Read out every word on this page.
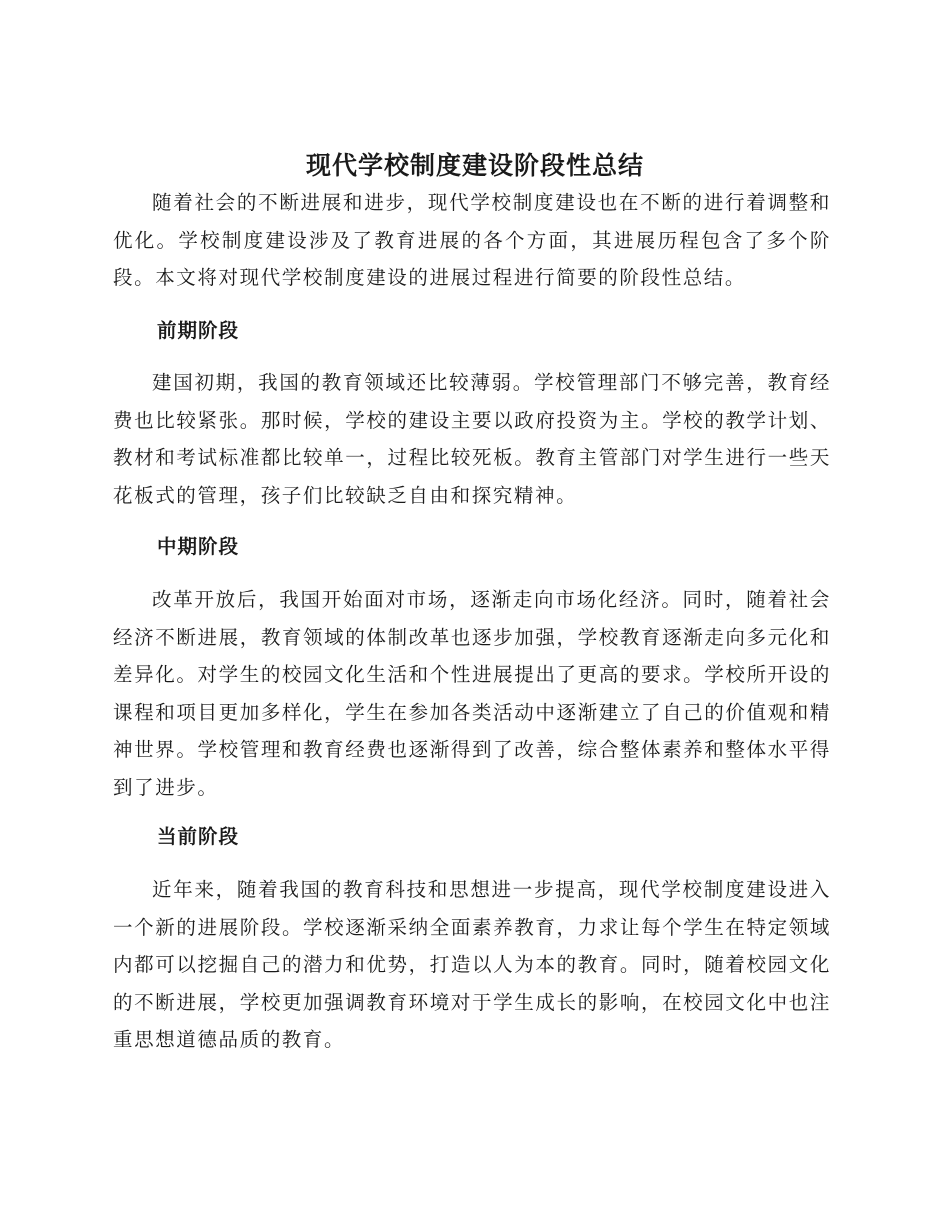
现代学校制度建设阶段性总结

随着社会的不断进展和进步，现代学校制度建设也在不断的进行着调整和优化。学校制度建设涉及了教育进展的各个方面，其进展历程包含了多个阶段。本文将对现代学校制度建设的进展过程进行简要的阶段性总结。

前期阶段

建国初期，我国的教育领域还比较薄弱。学校管理部门不够完善，教育经费也比较紧张。那时候，学校的建设主要以政府投资为主。学校的教学计划、教材和考试标准都比较单一，过程比较死板。教育主管部门对学生进行一些天花板式的管理，孩子们比较缺乏自由和探究精神。

中期阶段

改革开放后，我国开始面对市场，逐渐走向市场化经济。同时，随着社会经济不断进展，教育领域的体制改革也逐步加强，学校教育逐渐走向多元化和差异化。对学生的校园文化生活和个性进展提出了更高的要求。学校所开设的课程和项目更加多样化，学生在参加各类活动中逐渐建立了自己的价值观和精神世界。学校管理和教育经费也逐渐得到了改善，综合整体素养和整体水平得到了进步。

当前阶段

近年来，随着我国的教育科技和思想进一步提高，现代学校制度建设进入一个新的进展阶段。学校逐渐采纳全面素养教育，力求让每个学生在特定领域内都可以挖掘自己的潜力和优势，打造以人为本的教育。同时，随着校园文化的不断进展，学校更加强调教育环境对于学生成长的影响，在校园文化中也注重思想道德品质的教育。
